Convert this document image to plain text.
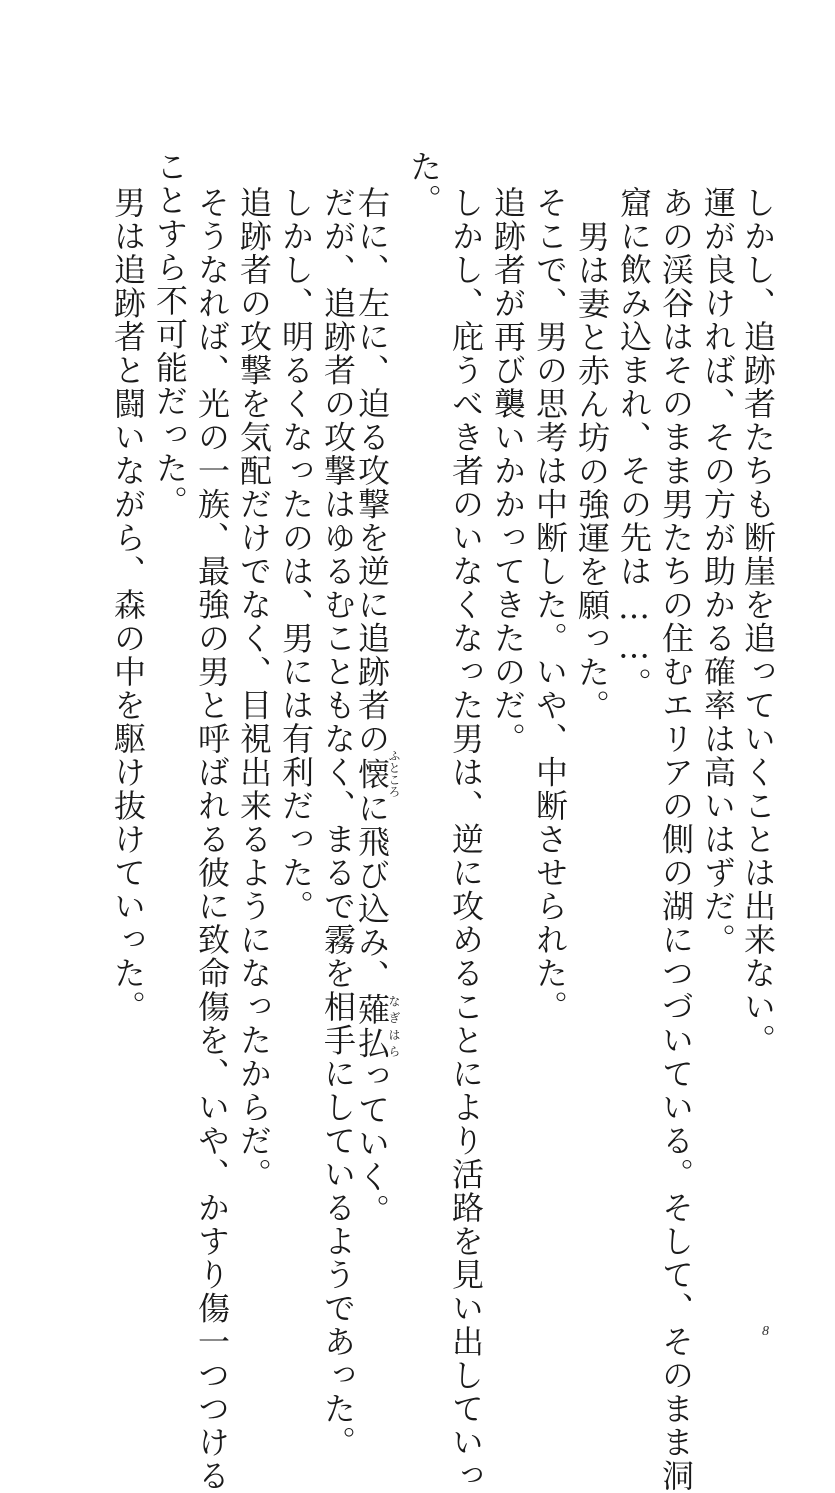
しかし、追跡者たちも断崖を追っていくことは出来ない。
運が良ければ、その方が助かる確率は高いはずだ。
あの渓谷はそのまま男たちの住むエリアの側の湖につづいている。そして、そのまま洞
窟に飲み込まれ、その先は……。
男は妻と赤ん坊の強運を願った。
そこで、男の思考は中断した。いや、中断させられた。
追跡者が再び襲いかかってきたのだ。
しかし、庇うべき者のいなくなった男は、逆に攻めることにより活路を見い出していっ
た。
右に、左に、迫る攻撃を逆に追跡者の懐ふところに飛び込み、薙払なぎはらっていく。
だが、追跡者の攻撃はゆるむこともなく、まるで霧を相手にしているようであった。
しかし、明るくなったのは、男には有利だった。
追跡者の攻撃を気配だけでなく、目視出来るようになったからだ。
そうなれば、光の一族、最強の男と呼ばれる彼に致命傷を、いや、かすり傷一つつける
ことすら不可能だった。
男は追跡者と闘いながら、森の中を駆け抜けていった。
8
